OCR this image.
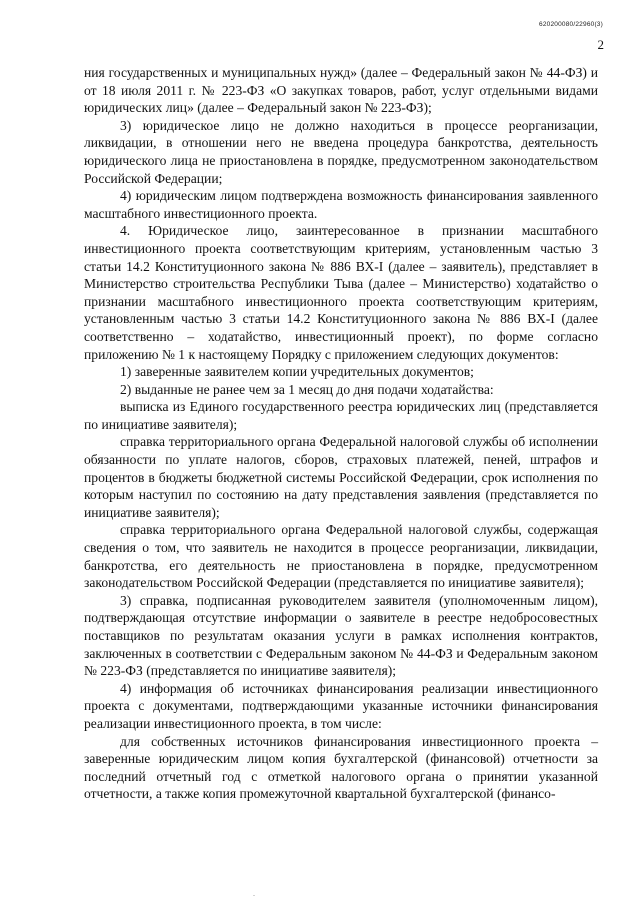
620200080/22960(3)
2

ния государственных и муниципальных нужд» (далее – Федеральный закон № 44-ФЗ) и от 18 июля 2011 г. № 223-ФЗ «О закупках товаров, работ, услуг отдельными видами юридических лиц» (далее – Федеральный закон № 223-ФЗ);

3) юридическое лицо не должно находиться в процессе реорганизации, ликвидации, в отношении него не введена процедура банкротства, деятельность юридического лица не приостановлена в порядке, предусмотренном законодательством Российской Федерации;

4) юридическим лицом подтверждена возможность финансирования заявленного масштабного инвестиционного проекта.

4. Юридическое лицо, заинтересованное в признании масштабного инвестиционного проекта соответствующим критериям, установленным частью 3 статьи 14.2 Конституционного закона № 886 ВХ-I (далее – заявитель), представляет в Министерство строительства Республики Тыва (далее – Министерство) ходатайство о признании масштабного инвестиционного проекта соответствующим критериям, установленным частью 3 статьи 14.2 Конституционного закона № 886 ВХ-I (далее соответственно – ходатайство, инвестиционный проект), по форме согласно приложению № 1 к настоящему Порядку с приложением следующих документов:

1) заверенные заявителем копии учредительных документов;

2) выданные не ранее чем за 1 месяц до дня подачи ходатайства:

выписка из Единого государственного реестра юридических лиц (представляется по инициативе заявителя);

справка территориального органа Федеральной налоговой службы об исполнении обязанности по уплате налогов, сборов, страховых платежей, пеней, штрафов и процентов в бюджеты бюджетной системы Российской Федерации, срок исполнения по которым наступил по состоянию на дату представления заявления (представляется по инициативе заявителя);

справка территориального органа Федеральной налоговой службы, содержащая сведения о том, что заявитель не находится в процессе реорганизации, ликвидации, банкротства, его деятельность не приостановлена в порядке, предусмотренном законодательством Российской Федерации (представляется по инициативе заявителя);

3) справка, подписанная руководителем заявителя (уполномоченным лицом), подтверждающая отсутствие информации о заявителе в реестре недобросовестных поставщиков по результатам оказания услуги в рамках исполнения контрактов, заключенных в соответствии с Федеральным законом № 44-ФЗ и Федеральным законом № 223-ФЗ (представляется по инициативе заявителя);

4) информация об источниках финансирования реализации инвестиционного проекта с документами, подтверждающими указанные источники финансирования реализации инвестиционного проекта, в том числе:

для собственных источников финансирования инвестиционного проекта – заверенные юридическим лицом копия бухгалтерской (финансовой) отчетности за последний отчетный год с отметкой налогового органа о принятии указанной отчетности, а также копия промежуточной квартальной бухгалтерской (финансо-

-
